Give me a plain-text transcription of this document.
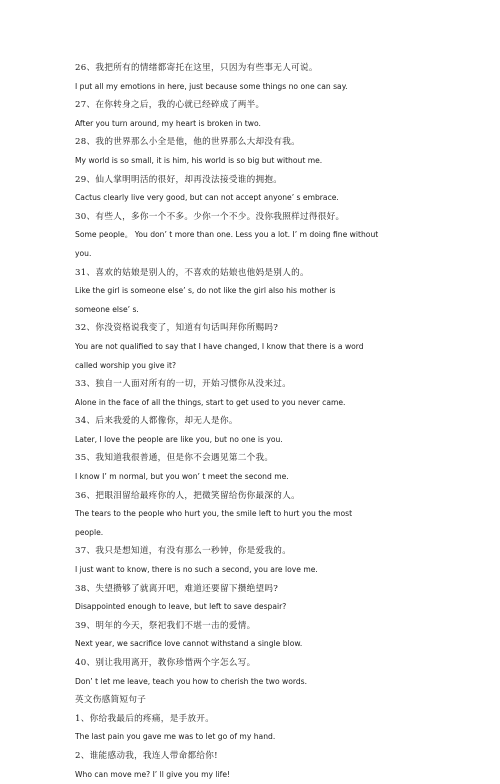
26、我把所有的情绪都寄托在这里，只因为有些事无人可说。
I put all my emotions in here, just because some things no one can say.
27、在你转身之后，我的心就已经碎成了两半。
After you turn around, my heart is broken in two.
28、我的世界那么小全是他，他的世界那么大却没有我。
My world is so small, it is him, his world is so big but without me.
29、仙人掌明明活的很好，却再没法接受谁的拥抱。
Cactus clearly live very good, but can not accept anyone’ s embrace.
30、有些人，多你一个不多。少你一个不少。没你我照样过得很好。
Some people。 You don’ t more than one. Less you a lot. I’ m doing fine without
you.
31、喜欢的姑娘是别人的，不喜欢的姑娘也他妈是别人的。
Like the girl is someone else’ s, do not like the girl also his mother is
someone else’ s.
32、你没资格说我变了，知道有句话叫拜你所赐吗?
You are not qualified to say that I have changed, I know that there is a word
called worship you give it?
33、独自一人面对所有的一切，开始习惯你从没来过。
Alone in the face of all the things, start to get used to you never came.
34、后来我爱的人都像你，却无人是你。
Later, I love the people are like you, but no one is you.
35、我知道我很普通，但是你不会遇见第二个我。
I know I’ m normal, but you won’ t meet the second me.
36、把眼泪留给最疼你的人，把微笑留给伤你最深的人。
The tears to the people who hurt you, the smile left to hurt you the most
people.
37、我只是想知道，有没有那么一秒钟，你是爱我的。
I just want to know, there is no such a second, you are love me.
38、失望攒够了就离开吧，难道还要留下攒绝望吗?
Disappointed enough to leave, but left to save despair?
39、明年的今天，祭祀我们不堪一击的爱情。
Next year, we sacrifice love cannot withstand a single blow.
40、别让我用离开，教你珍惜两个字怎么写。
Don’ t let me leave, teach you how to cherish the two words.
英文伤感简短句子
1、你给我最后的疼痛，是手放开。
The last pain you gave me was to let go of my hand.
2、谁能感动我，我连人带命都给你!
Who can move me? I’ ll give you my life!
